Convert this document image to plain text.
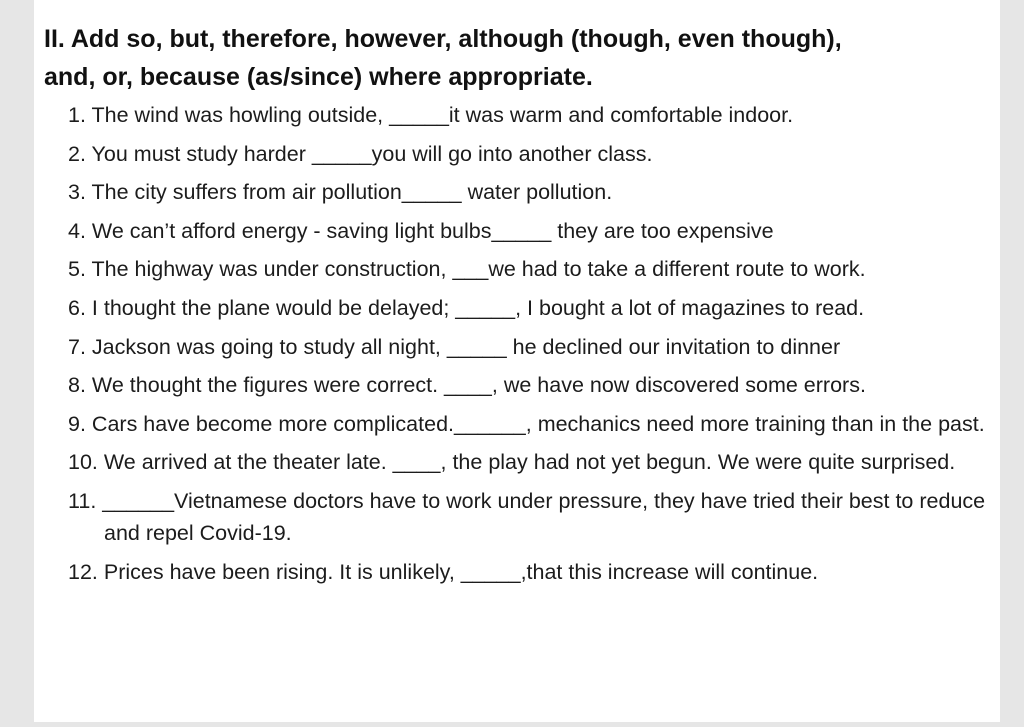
II. Add so, but, therefore, however, although (though, even though),
and, or, because (as/since) where appropriate.
1. The wind was howling outside, _____it was warm and comfortable indoor.
2. You must study harder _____you will go into another class.
3. The city suffers from air pollution_____ water pollution.
4. We can’t afford energy - saving light bulbs_____ they are too expensive
5. The highway was under construction, ___we had to take a different route to work.
6. I thought the plane would be delayed; _____, I bought a lot of magazines to read.
7. Jackson was going to study all night, _____ he declined our invitation to dinner
8. We thought the figures were correct. ____, we have now discovered some errors.
9. Cars have become more complicated.______, mechanics need more training than in the past.
10. We arrived at the theater late. ____, the play had not yet begun. We were quite surprised.
11. ______Vietnamese doctors have to work under pressure, they have tried their best to reduce and repel Covid-19.
12. Prices have been rising. It is unlikely, _____,that this increase will continue.
